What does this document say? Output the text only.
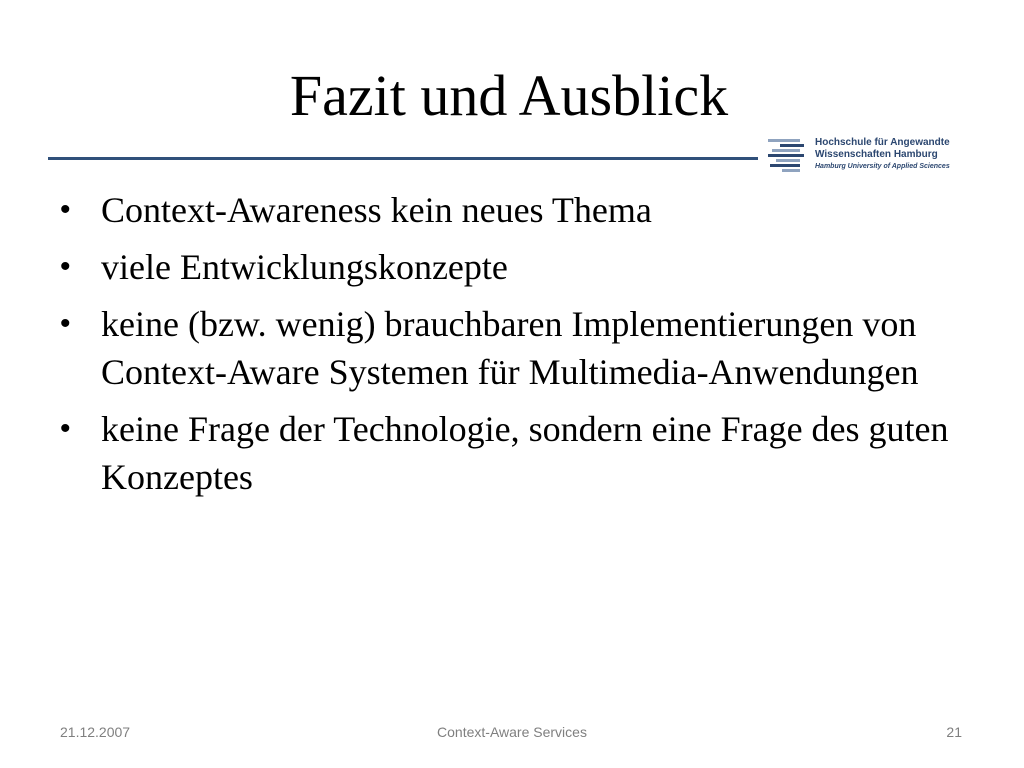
Fazit und Ausblick
Hochschule für Angewandte
Wissenschaften Hamburg
Hamburg University of Applied Sciences
• Context-Awareness kein neues Thema
• viele Entwicklungskonzepte
• keine (bzw. wenig) brauchbaren Implementierungen von Context-Aware Systemen für Multimedia-Anwendungen
• keine Frage der Technologie, sondern eine Frage des guten Konzeptes
21.12.2007	Context-Aware Services	21
